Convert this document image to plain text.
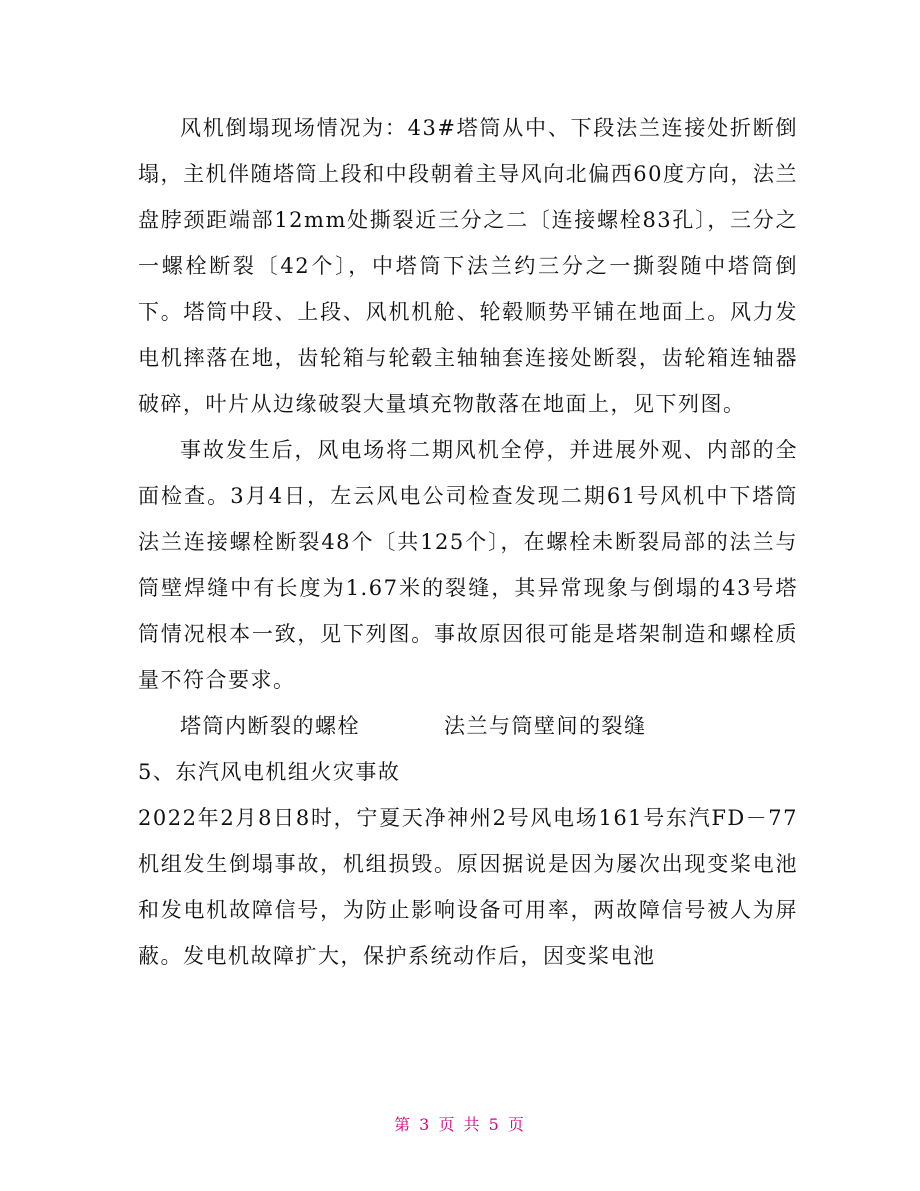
风机倒塌现场情况为：43#塔筒从中、下段法兰连接处折断倒塌，主机伴随塔筒上段和中段朝着主导风向北偏西60度方向，法兰盘脖颈距端部12mm处撕裂近三分之二〔连接螺栓83孔〕，三分之一螺栓断裂〔42个〕，中塔筒下法兰约三分之一撕裂随中塔筒倒下。塔筒中段、上段、风机机舱、轮毂顺势平铺在地面上。风力发电机摔落在地，齿轮箱与轮毂主轴轴套连接处断裂，齿轮箱连轴器破碎，叶片从边缘破裂大量填充物散落在地面上，见下列图。

事故发生后，风电场将二期风机全停，并进展外观、内部的全面检查。3月4日，左云风电公司检查发现二期61号风机中下塔筒法兰连接螺栓断裂48个〔共125个〕，在螺栓未断裂局部的法兰与筒壁焊缝中有长度为1.67米的裂缝，其异常现象与倒塌的43号塔筒情况根本一致，见下列图。事故原因很可能是塔架制造和螺栓质量不符合要求。

塔筒内断裂的螺栓	法兰与筒壁间的裂缝

5、东汽风电机组火灾事故

2022年2月8日8时，宁夏天净神州2号风电场161号东汽FD－77机组发生倒塌事故，机组损毁。原因据说是因为屡次出现变桨电池和发电机故障信号，为防止影响设备可用率，两故障信号被人为屏蔽。发电机故障扩大，保护系统动作后，因变桨电池

第 3 页 共 5 页
